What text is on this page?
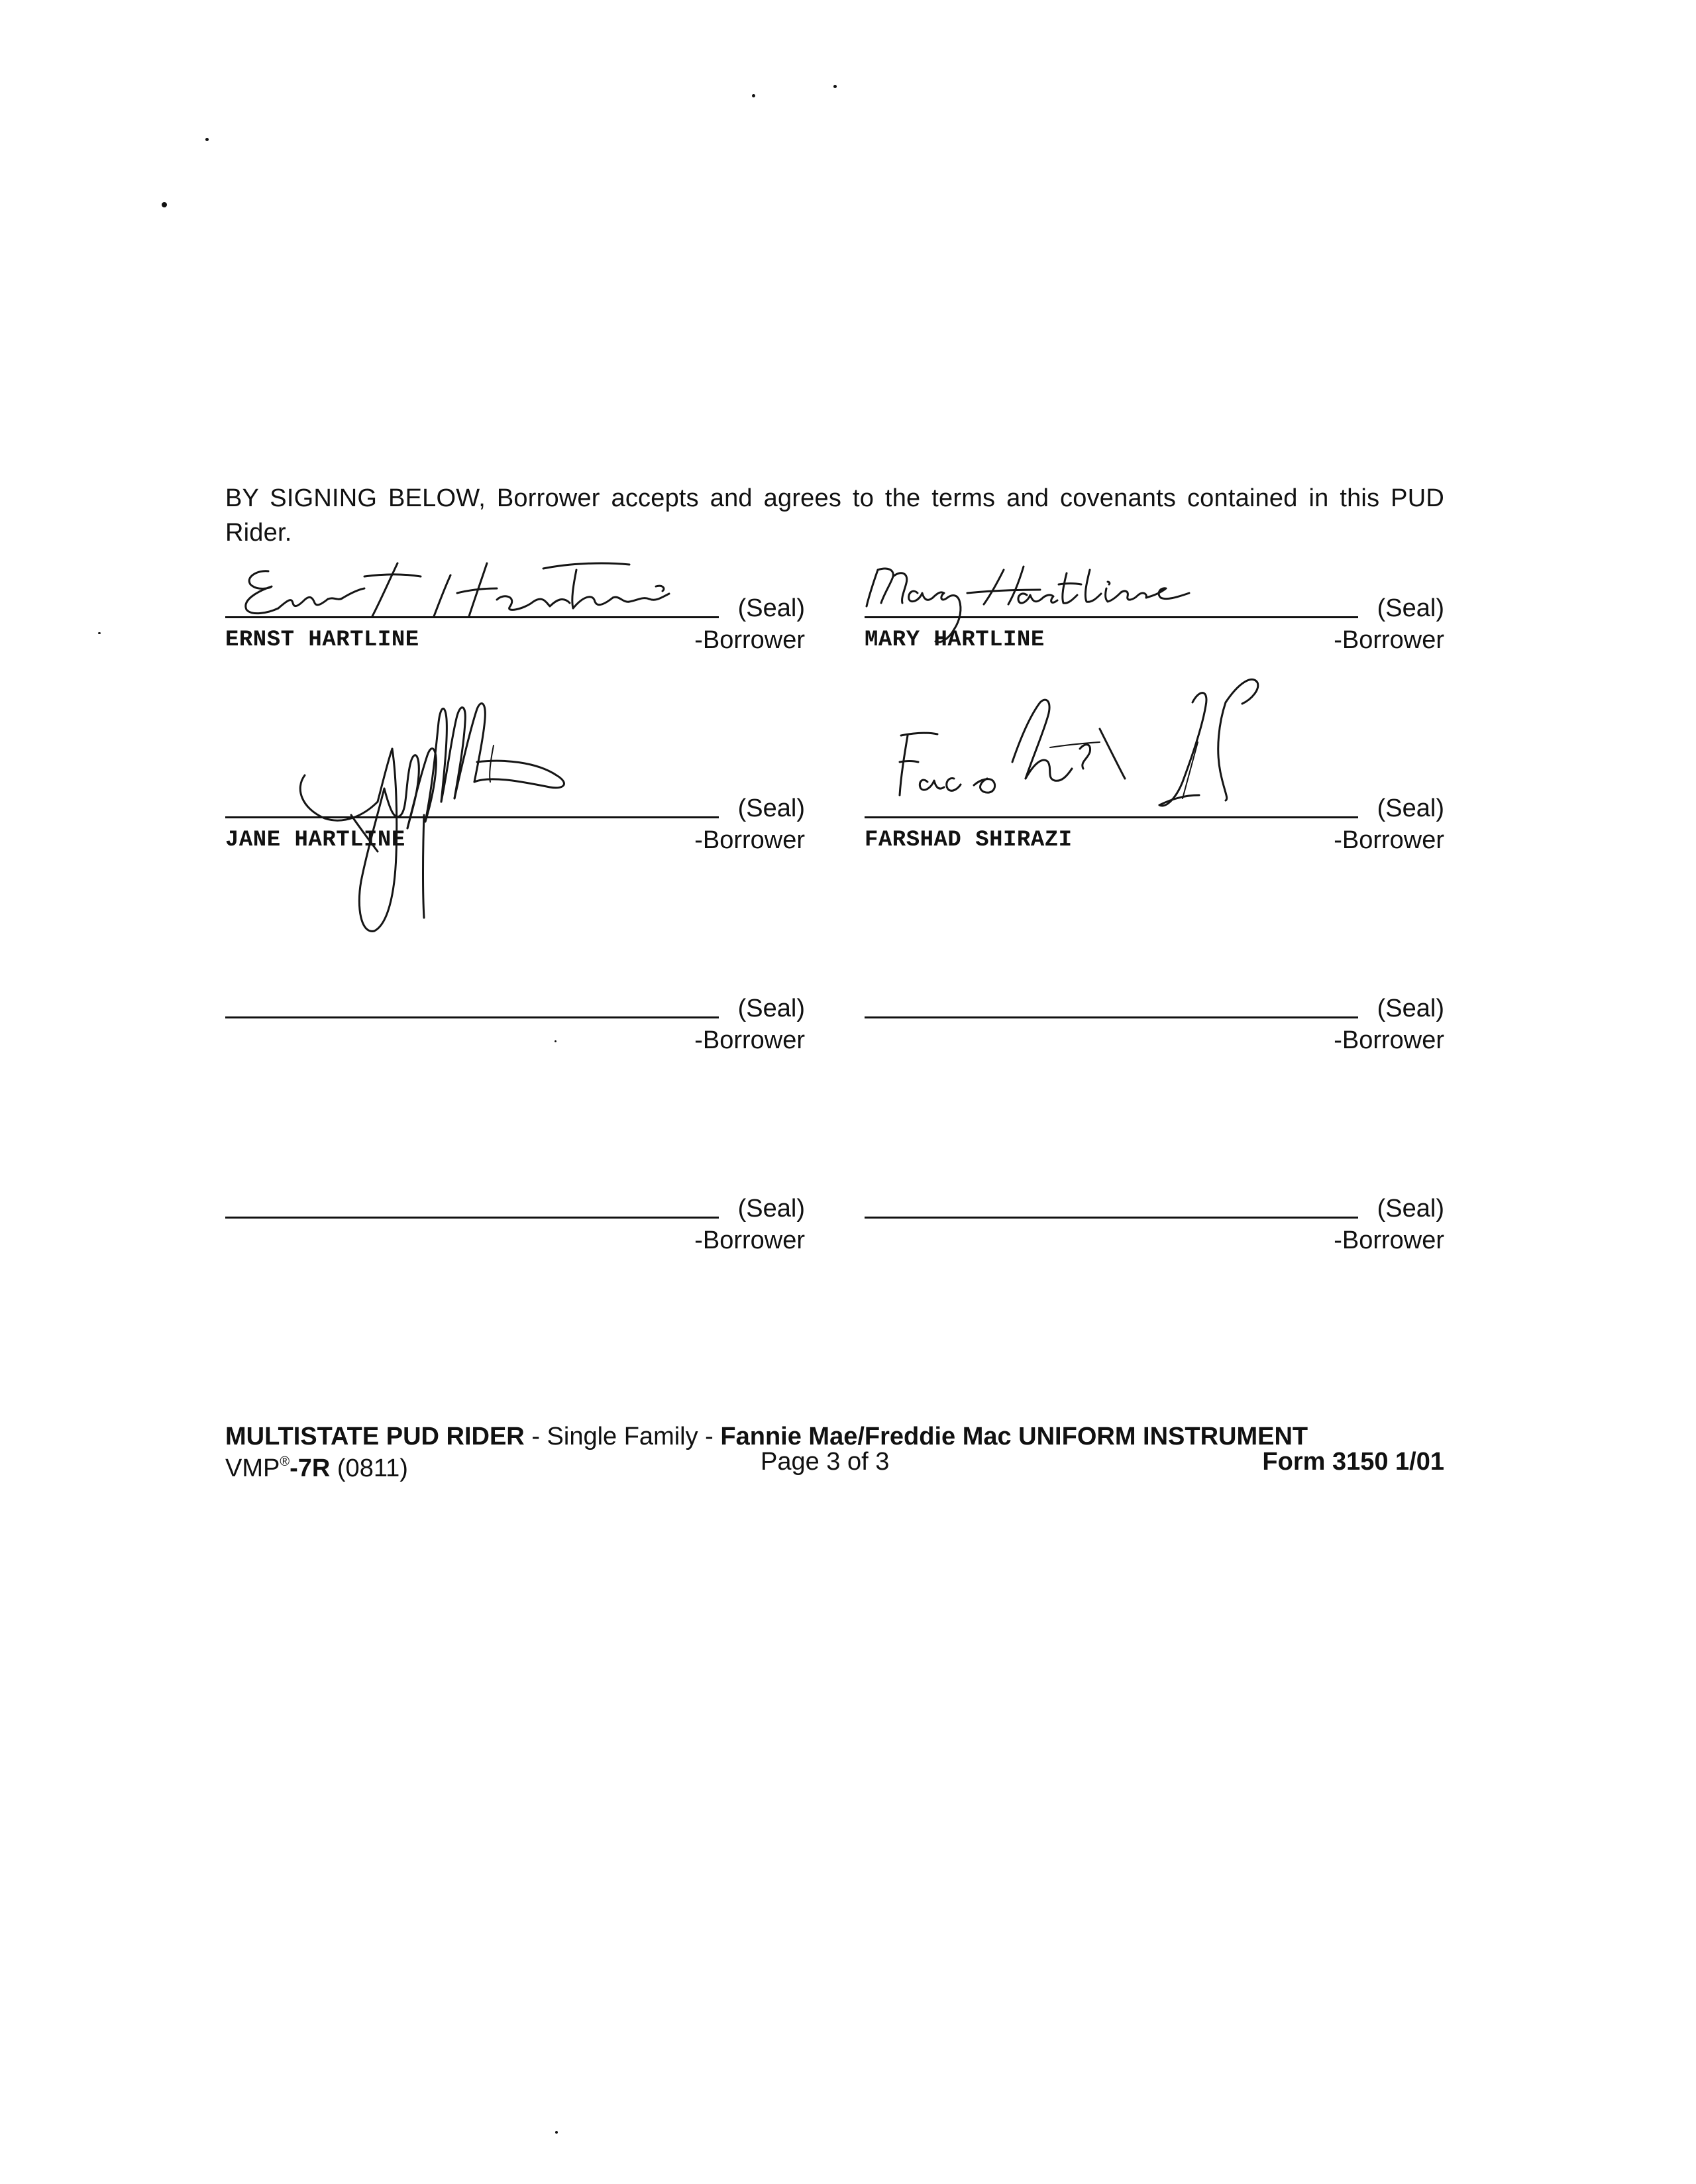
BY SIGNING BELOW, Borrower accepts and agrees to the terms and covenants contained in this PUD Rider.

(Seal)
ERNST HARTLINE	-Borrower
(Seal)
MARY HARTLINE	-Borrower
(Seal)
JANE HARTLINE	-Borrower
(Seal)
FARSHAD SHIRAZI	-Borrower
(Seal)
-Borrower
(Seal)
-Borrower
(Seal)
-Borrower
(Seal)
-Borrower
MULTISTATE PUD RIDER - Single Family - Fannie Mae/Freddie Mac UNIFORM INSTRUMENT
VMP®-7R (0811)	Page 3 of 3	Form 3150 1/01
